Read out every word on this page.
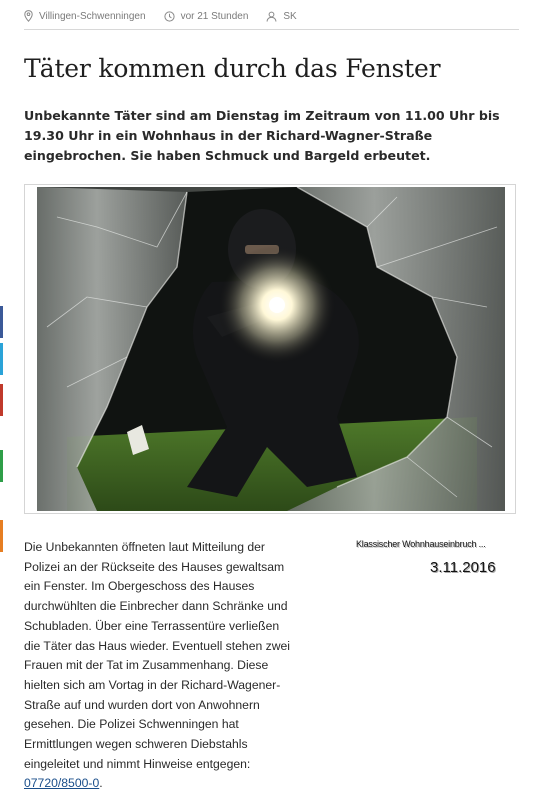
Villingen-Schwenningen	vor 21 Stunden	SK
Täter kommen durch das Fenster

Unbekannte Täter sind am Dienstag im Zeitraum von 11.00 Uhr bis 19.30 Uhr in ein Wohnhaus in der Richard-Wagner-Straße eingebrochen. Sie haben Schmuck und Bargeld erbeutet.

Klassischer Wohnhauseinbruch ...
3.11.2016

Die Unbekannten öffneten laut Mitteilung der Polizei an der Rückseite des Hauses gewaltsam ein Fenster. Im Obergeschoss des Hauses durchwühlten die Einbrecher dann Schränke und Schubladen. Über eine Terrassentüre verließen die Täter das Haus wieder. Eventuell stehen zwei Frauen mit der Tat im Zusammenhang. Diese hielten sich am Vortag in der Richard-Wagener-Straße auf und wurden dort von Anwohnern gesehen. Die Polizei Schwenningen hat Ermittlungen wegen schweren Diebstahls eingeleitet und nimmt Hinweise entgegen: 07720/8500-0.
